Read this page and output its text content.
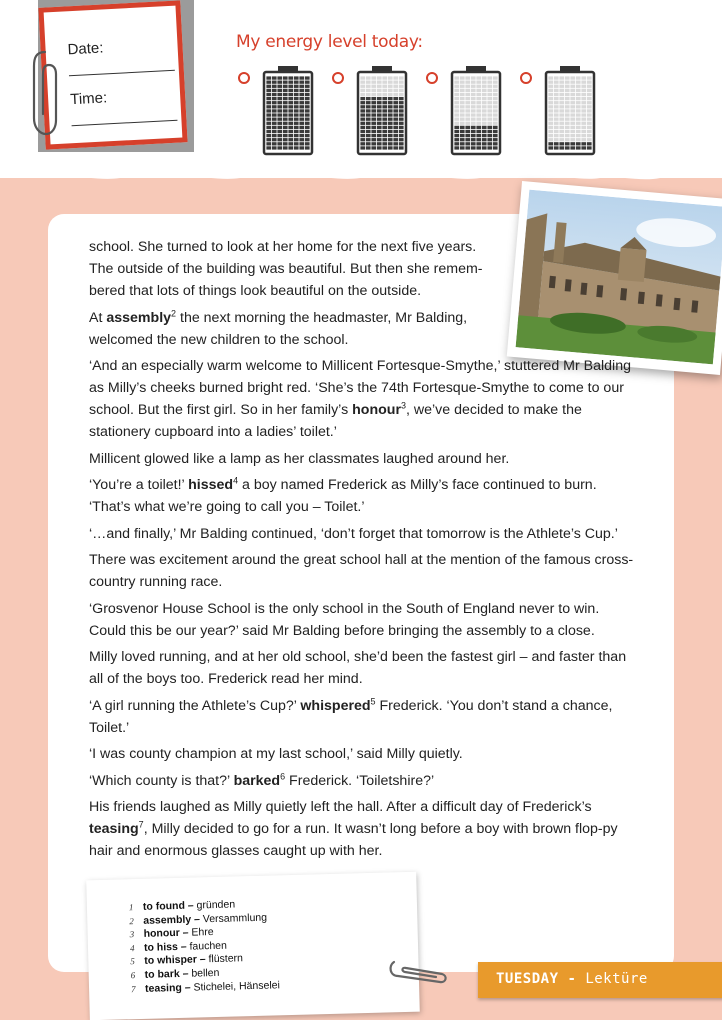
Date:
Time:
My energy level today:

school. She turned to look at her home for the next five years. The outside of the building was beautiful. But then she remem-bered that lots of things look beautiful on the outside.

At assembly$^2$ the next morning the headmaster, Mr Balding, welcomed the new children to the school.

‘And an especially warm welcome to Millicent Fortesque-Smythe,’ stuttered Mr Balding as Milly’s cheeks burned bright red. ‘She’s the 74th Fortesque-Smythe to come to our school. But the first girl. So in her family’s honour$^3$, we’ve decided to make the stationery cupboard into a ladies’ toilet.’

Millicent glowed like a lamp as her classmates laughed around her.

‘You’re a toilet!’ hissed$^4$ a boy named Frederick as Milly’s face continued to burn. ‘That’s what we’re going to call you – Toilet.’

‘…and finally,’ Mr Balding continued, ‘don’t forget that tomorrow is the Athlete’s Cup.’

There was excitement around the great school hall at the mention of the famous cross-country running race.

‘Grosvenor House School is the only school in the South of England never to win. Could this be our year?’ said Mr Balding before bringing the assembly to a close.

Milly loved running, and at her old school, she’d been the fastest girl – and faster than all of the boys too. Frederick read her mind.

‘A girl running the Athlete’s Cup?’ whispered$^5$ Frederick. ‘You don’t stand a chance, Toilet.’

‘I was county champion at my last school,’ said Milly quietly.

‘Which county is that?’ barked$^6$ Frederick. ‘Toiletshire?’

His friends laughed as Milly quietly left the hall. After a difficult day of Frederick’s teasing$^7$, Milly decided to go for a run. It wasn’t long before a boy with brown flop-py hair and enormous glasses caught up with her.

1 to found – gründen
2 assembly – Versammlung
3 honour – Ehre
4 to hiss – fauchen
5 to whisper – flüstern
6 to bark – bellen
7 teasing – Stichelei, Hänselei	TUESDAY - Lektüre
